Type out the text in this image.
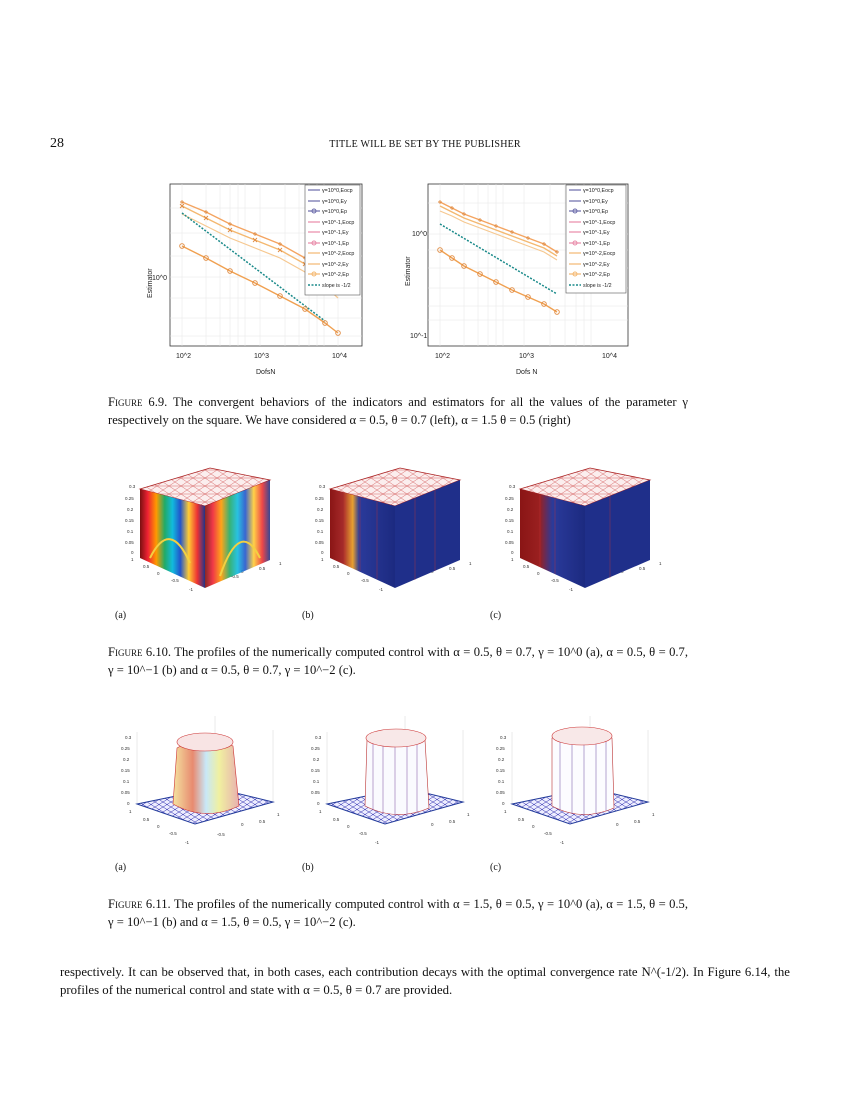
28	TITLE WILL BE SET BY THE PUBLISHER
γ=10^0,Eocp
γ=10^0,Ey
γ=10^0,Ep
γ=10^-1,Eocp
γ=10^-1,Ey
γ=10^-1,Ep
γ=10^-2,Eocp
γ=10^-2,Ey
γ=10^-2,Ep
slope is -1/2
10^2	10^3	10^4
10^0
DofsN
Estimator
γ=10^0,Eocp
γ=10^0,Ey
γ=10^0,Ep
γ=10^-1,Eocp
γ=10^-1,Ey
γ=10^-1,Ep
γ=10^-2,Eocp
γ=10^-2,Ey
γ=10^-2,Ep
slope is -1/2
10^2	10^3	10^4
10^0
10^-1
Dofs N
Estimator
Figure 6.9. The convergent behaviors of the indicators and estimators for all the values of the parameter γ respectively on the square. We have considered α = 0.5, θ = 0.7 (left), α = 1.5 θ = 0.5 (right)
0.3
0.25
0.2
0.15
0.1
0.05
0
1
0.5
0
-0.5
-1
-0.5
0.5
1
0.3
0.25
0.2
0.15
0.1
0.05
0
1
0.5
0
-0.5
-1
0.5
1
0.3
0.25
0.2
0.15
0.1
0.05
0
1
0.5
0
-0.5
-1
0.5
1
(a)	(b)	(c)
Figure 6.10. The profiles of the numerically computed control with α = 0.5, θ = 0.7, γ = 10^0 (a), α = 0.5, θ = 0.7, γ = 10^−1 (b) and α = 0.5, θ = 0.7, γ = 10^−2 (c).
0.3
0.25
0.2
0.15
0.1
0.05
0
1
0.5
0
-0.5
-1
-0.5
0
0.5
1
0.3
0.25
0.2
0.15
0.1
0.05
0
1
0.5
0
-0.5
-1
0
0.5
1
0.3
0.25
0.2
0.15
0.1
0.05
0
1
0.5
0
-0.5
-1
0
0.5
1
(a)	(b)	(c)
Figure 6.11. The profiles of the numerically computed control with α = 1.5, θ = 0.5, γ = 10^0 (a), α = 1.5, θ = 0.5, γ = 10^−1 (b) and α = 1.5, θ = 0.5, γ = 10^−2 (c).
respectively. It can be observed that, in both cases, each contribution decays with the optimal convergence rate N^(-1/2). In Figure 6.14, the profiles of the numerical control and state with α = 0.5, θ = 0.7 are provided.
